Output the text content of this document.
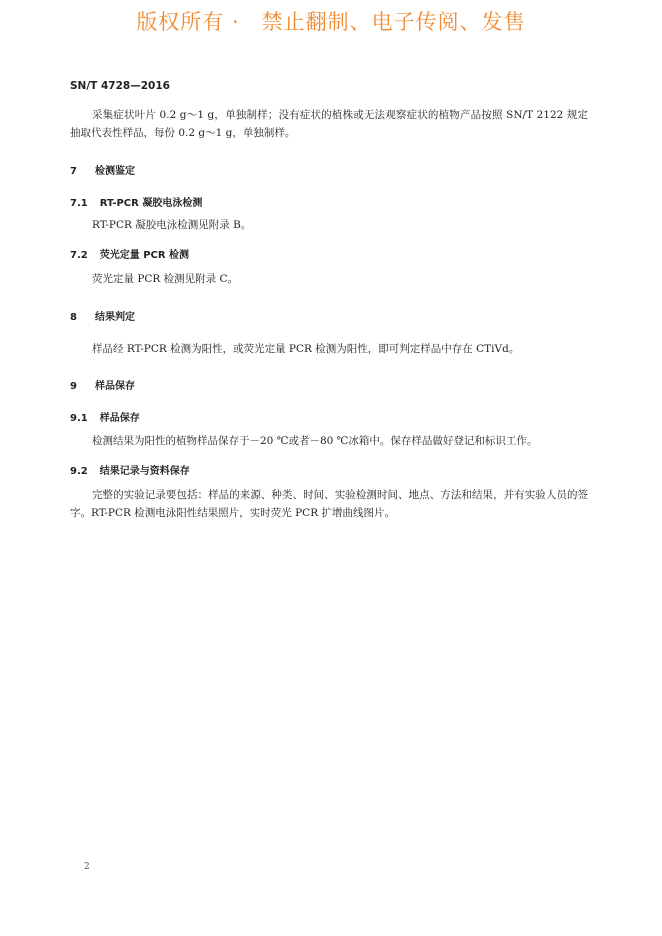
版权所有 ·　禁止翻制、电子传阅、发售
SN/T 4728—2016
采集症状叶片 0.2 g～1 g，单独制样；没有症状的植株或无法观察症状的植物产品按照 SN/T 2122 规定抽取代表性样品，每份 0.2 g～1 g，单独制样。
7 检测鉴定
7.1 RT-PCR 凝胶电泳检测
RT-PCR 凝胶电泳检测见附录 B。
7.2 荧光定量 PCR 检测
荧光定量 PCR 检测见附录 C。
8 结果判定
样品经 RT-PCR 检测为阳性，或荧光定量 PCR 检测为阳性，即可判定样品中存在 CTiVd。
9 样品保存
9.1 样品保存
检测结果为阳性的植物样品保存于－20 ℃或者－80 ℃冰箱中。保存样品做好登记和标识工作。
9.2 结果记录与资料保存
完整的实验记录要包括：样品的来源、种类、时间、实验检测时间、地点、方法和结果，并有实验人员的签字。RT-PCR 检测电泳阳性结果照片，实时荧光 PCR 扩增曲线图片。
2
